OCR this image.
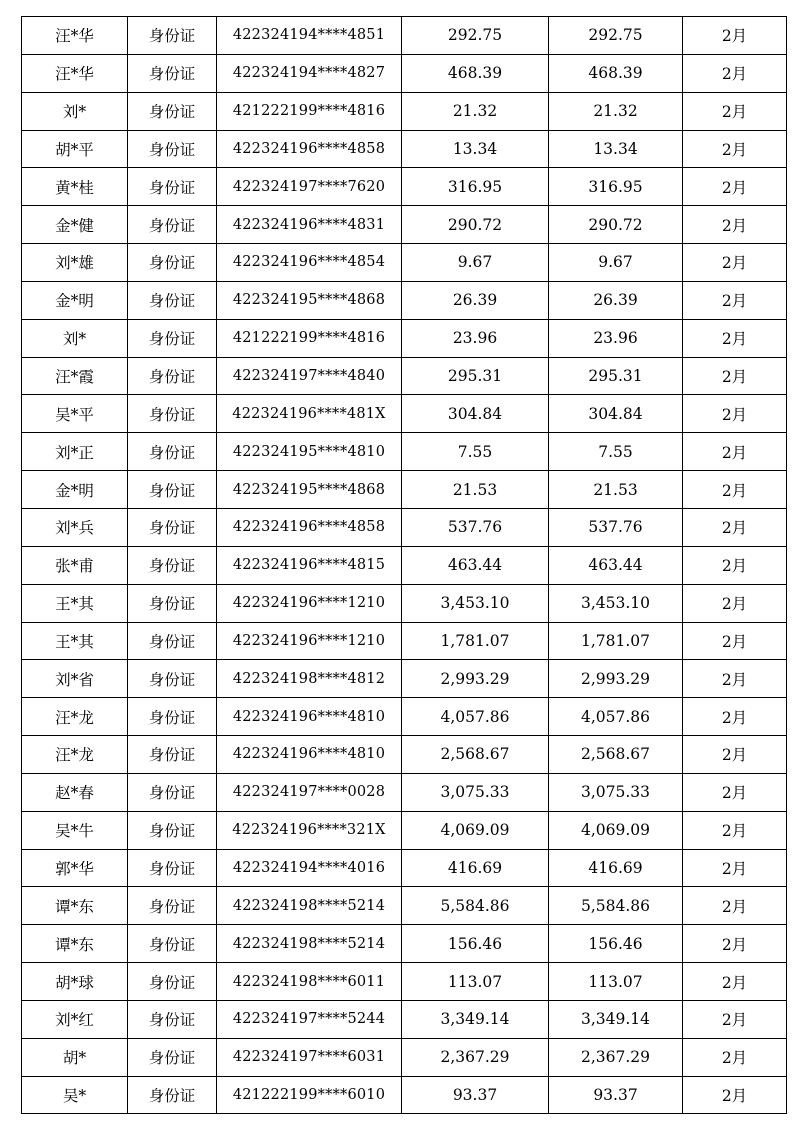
汪*华	身份证	422324194****4851	292.75	292.75	2月
汪*华	身份证	422324194****4827	468.39	468.39	2月
刘*	身份证	421222199****4816	21.32	21.32	2月
胡*平	身份证	422324196****4858	13.34	13.34	2月
黄*桂	身份证	422324197****7620	316.95	316.95	2月
金*健	身份证	422324196****4831	290.72	290.72	2月
刘*雄	身份证	422324196****4854	9.67	9.67	2月
金*明	身份证	422324195****4868	26.39	26.39	2月
刘*	身份证	421222199****4816	23.96	23.96	2月
汪*霞	身份证	422324197****4840	295.31	295.31	2月
吴*平	身份证	422324196****481X	304.84	304.84	2月
刘*正	身份证	422324195****4810	7.55	7.55	2月
金*明	身份证	422324195****4868	21.53	21.53	2月
刘*兵	身份证	422324196****4858	537.76	537.76	2月
张*甫	身份证	422324196****4815	463.44	463.44	2月
王*其	身份证	422324196****1210	3,453.10	3,453.10	2月
王*其	身份证	422324196****1210	1,781.07	1,781.07	2月
刘*省	身份证	422324198****4812	2,993.29	2,993.29	2月
汪*龙	身份证	422324196****4810	4,057.86	4,057.86	2月
汪*龙	身份证	422324196****4810	2,568.67	2,568.67	2月
赵*春	身份证	422324197****0028	3,075.33	3,075.33	2月
吴*牛	身份证	422324196****321X	4,069.09	4,069.09	2月
郭*华	身份证	422324194****4016	416.69	416.69	2月
谭*东	身份证	422324198****5214	5,584.86	5,584.86	2月
谭*东	身份证	422324198****5214	156.46	156.46	2月
胡*球	身份证	422324198****6011	113.07	113.07	2月
刘*红	身份证	422324197****5244	3,349.14	3,349.14	2月
胡*	身份证	422324197****6031	2,367.29	2,367.29	2月
吴*	身份证	421222199****6010	93.37	93.37	2月
